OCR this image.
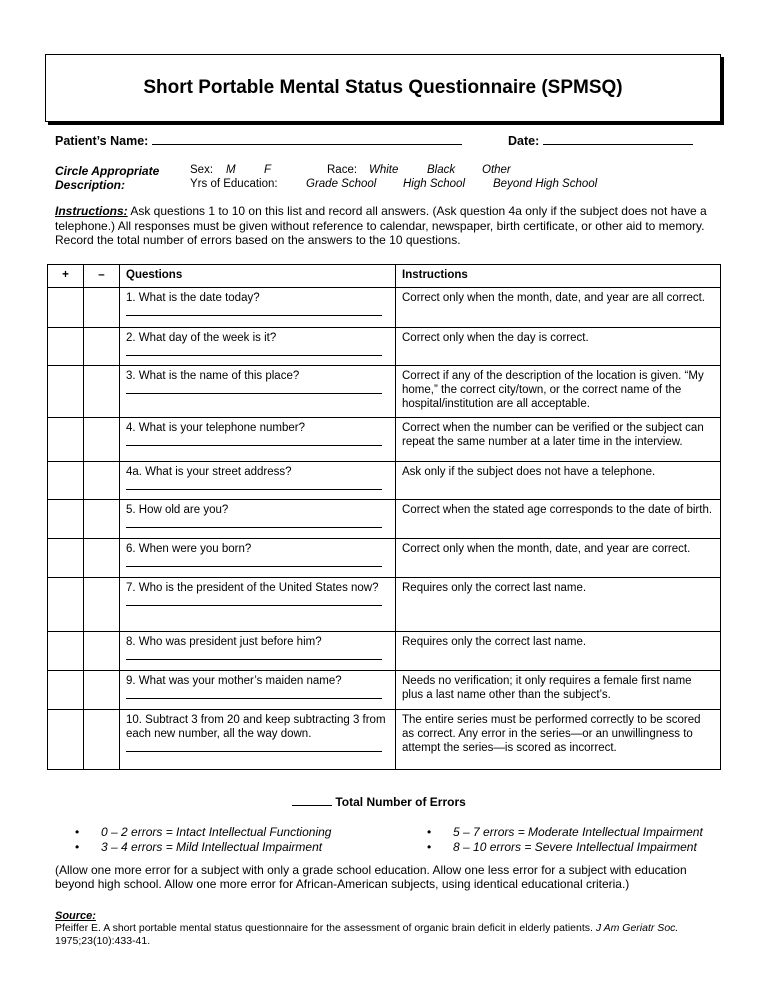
Short Portable Mental Status Questionnaire (SPMSQ)
Patient’s Name:	Date:
Circle Appropriate
Description:
Sex: M F	Race: White Black Other
Yrs of Education: Grade School High School Beyond High School
Instructions: Ask questions 1 to 10 on this list and record all answers. (Ask question 4a only if the subject does not have a telephone.) All responses must be given without reference to calendar, newspaper, birth certificate, or other aid to memory. Record the total number of errors based on the answers to the 10 questions.
+	–	Questions	Instructions

		1. What is the date today?	Correct only when the month, date, and year are all correct.

		2. What day of the week is it?	Correct only when the day is correct.

		3. What is the name of this place?	Correct if any of the description of the location is given. “My home,” the correct city/town, or the correct name of the hospital/institution are all acceptable.

		4. What is your telephone number?	Correct when the number can be verified or the subject can repeat the same number at a later time in the interview.

		4a. What is your street address?	Ask only if the subject does not have a telephone.

		5. How old are you?	Correct when the stated age corresponds to the date of birth.

		6. When were you born?	Correct only when the month, date, and year are correct.

		7. Who is the president of the United States now?	Requires only the correct last name.

		8. Who was president just before him?	Requires only the correct last name.

		9. What was your mother’s maiden name?	Needs no verification; it only requires a female first name plus a last name other than the subject’s.

		10. Subtract 3 from 20 and keep subtracting 3 from each new number, all the way down.	The entire series must be performed correctly to be scored as correct. Any error in the series—or an unwillingness to attempt the series—is scored as incorrect.
Total Number of Errors
• 0 – 2 errors = Intact Intellectual Functioning
• 3 – 4 errors = Mild Intellectual Impairment
• 5 – 7 errors = Moderate Intellectual Impairment
• 8 – 10 errors = Severe Intellectual Impairment
(Allow one more error for a subject with only a grade school education. Allow one less error for a subject with education beyond high school. Allow one more error for African-American subjects, using identical educational criteria.)
Source:
Pfeiffer E. A short portable mental status questionnaire for the assessment of organic brain deficit in elderly patients. J Am Geriatr Soc. 1975;23(10):433-41.
